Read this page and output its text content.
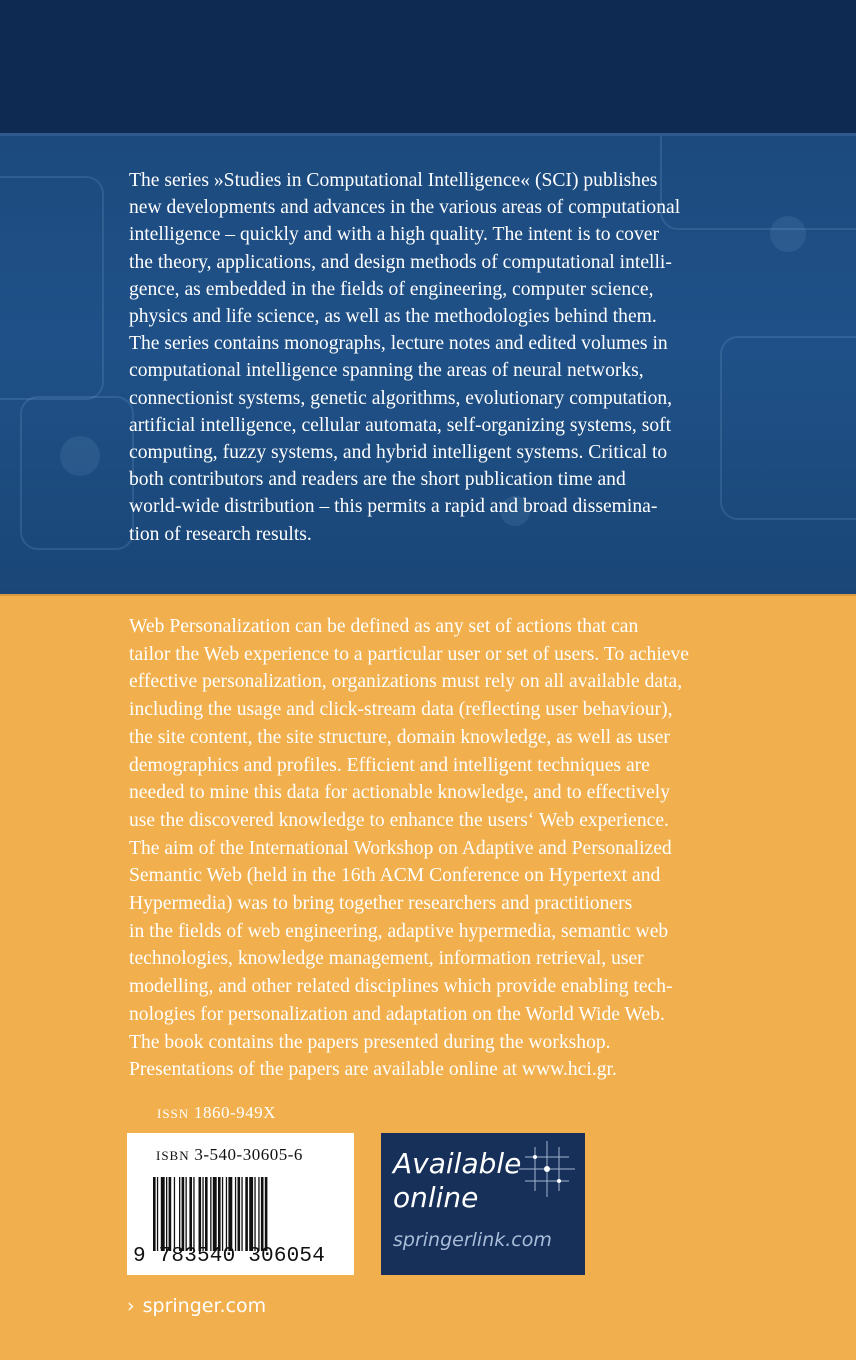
The series »Studies in Computational Intelligence« (SCI) publishes
new developments and advances in the various areas of computational
intelligence – quickly and with a high quality. The intent is to cover
the theory, applications, and design methods of computational intelli-
gence, as embedded in the fields of engineering, computer science,
physics and life science, as well as the methodologies behind them.
The series contains monographs, lecture notes and edited volumes in
computational intelligence spanning the areas of neural networks,
connectionist systems, genetic algorithms, evolutionary computation,
artificial intelligence, cellular automata, self-organizing systems, soft
computing, fuzzy systems, and hybrid intelligent systems. Critical to
both contributors and readers are the short publication time and
world-wide distribution – this permits a rapid and broad dissemina-
tion of research results.

Web Personalization can be defined as any set of actions that can
tailor the Web experience to a particular user or set of users. To achieve
effective personalization, organizations must rely on all available data,
including the usage and click-stream data (reflecting user behaviour),
the site content, the site structure, domain knowledge, as well as user
demographics and profiles. Efficient and intelligent techniques are
needed to mine this data for actionable knowledge, and to effectively
use the discovered knowledge to enhance the users‘ Web experience.
The aim of the International Workshop on Adaptive and Personalized
Semantic Web (held in the 16th ACM Conference on Hypertext and
Hypermedia) was to bring together researchers and practitioners
in the fields of web engineering, adaptive hypermedia, semantic web
technologies, knowledge management, information retrieval, user
modelling, and other related disciplines which provide enabling tech-
nologies for personalization and adaptation on the World Wide Web.
The book contains the papers presented during the workshop.
Presentations of the papers are available online at www.hci.gr.

ISSN 1860-949X
ISBN 3-540-30605-6
9 783540 306054

Available
online

springerlink.com
› springer.com
